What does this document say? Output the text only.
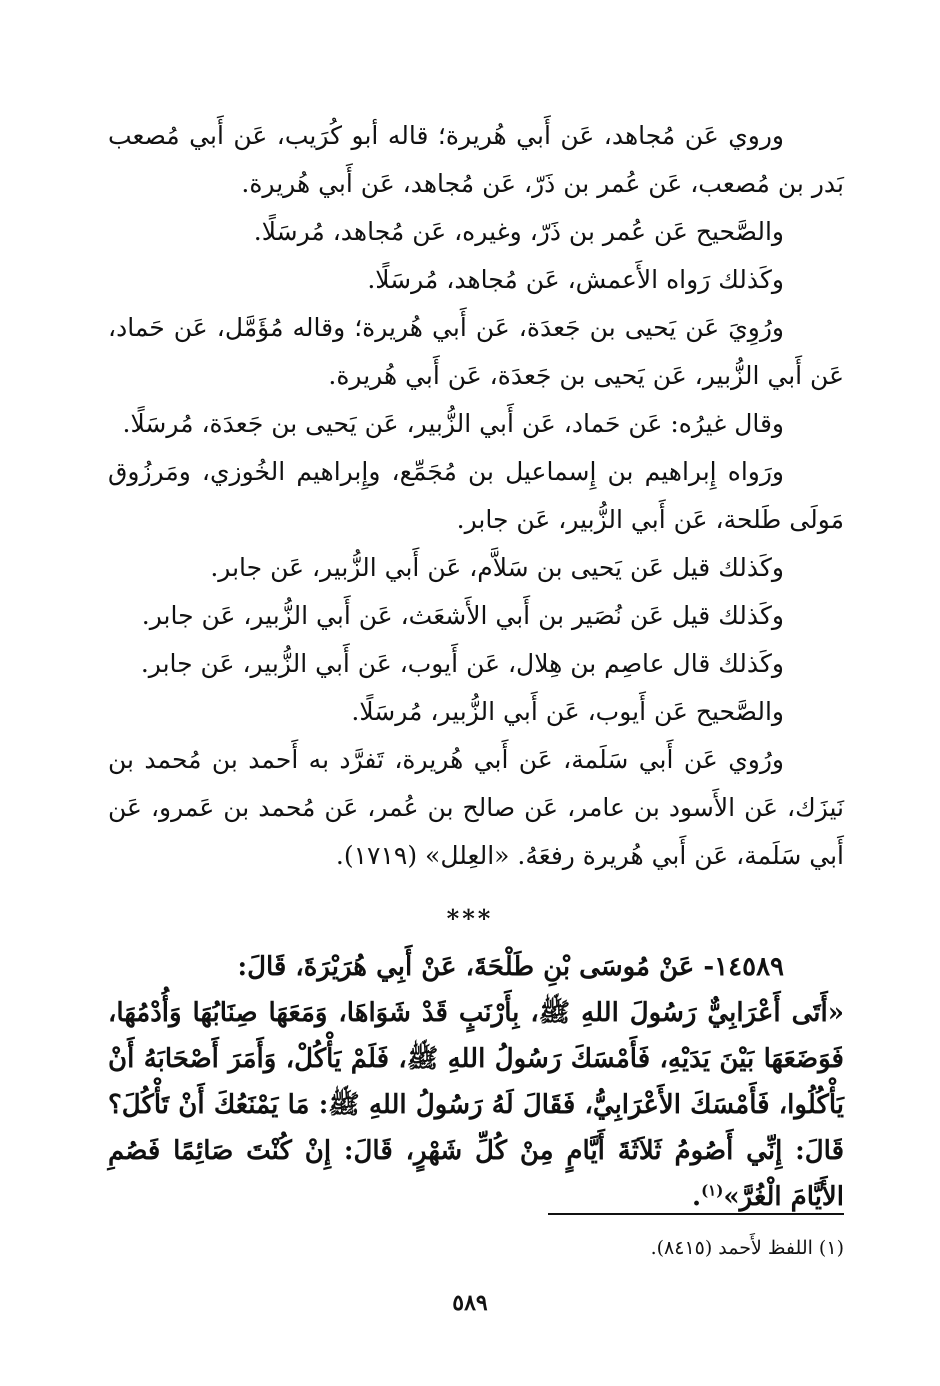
وروي عَن مُجاهد، عَن أَبي هُريرة؛ قاله أبو كُرَيب، عَن أَبي مُصعب بَدر بن مُصعب، عَن عُمر بن ذَرّ، عَن مُجاهد، عَن أَبي هُريرة.

والصَّحيح عَن عُمر بن ذَرّ، وغيره، عَن مُجاهد، مُرسَلًا.

وكَذلك رَواه الأَعمش، عَن مُجاهد، مُرسَلًا.

ورُوِيَ عَن يَحيى بن جَعدَة، عَن أَبي هُريرة؛ وقاله مُؤَمَّل، عَن حَماد، عَن أَبي الزُّبير، عَن يَحيى بن جَعدَة، عَن أَبي هُريرة.

وقال غيرُه: عَن حَماد، عَن أَبي الزُّبير، عَن يَحيى بن جَعدَة، مُرسَلًا.

ورَواه إِبراهيم بن إِسماعيل بن مُجَمِّع، وإِبراهيم الخُوزي، ومَرزُوق مَولَى طَلحة، عَن أَبي الزُّبير، عَن جابر.

وكَذلك قيل عَن يَحيى بن سَلاَّم، عَن أَبي الزُّبير، عَن جابر.

وكَذلك قيل عَن نُصَير بن أَبي الأَشعَث، عَن أَبي الزُّبير، عَن جابر.

وكَذلك قال عاصِم بن هِلال، عَن أَيوب، عَن أَبي الزُّبير، عَن جابر.

والصَّحيح عَن أَيوب، عَن أَبي الزُّبير، مُرسَلًا.

ورُوي عَن أَبي سَلَمة، عَن أَبي هُريرة، تَفرَّد به أَحمد بن مُحمد بن نَيزَك، عَن الأَسود بن عامر، عَن صالح بن عُمر، عَن مُحمد بن عَمرو، عَن أَبي سَلَمة، عَن أَبي هُريرة رفعَهُ. «العِلل» (١٧١٩).

***

١٤٥٨٩- عَنْ مُوسَى بْنِ طَلْحَةَ، عَنْ أَبِي هُرَيْرَةَ، قَالَ:

«أَتَى أَعْرَابِيٌّ رَسُولَ اللهِ ﷺ، بِأَرْنَبٍ قَدْ شَوَاهَا، وَمَعَهَا صِنَابُهَا وَأُدْمُهَا، فَوَضَعَهَا بَيْنَ يَدَيْهِ، فَأَمْسَكَ رَسُولُ اللهِ ﷺ، فَلَمْ يَأْكُلْ، وَأَمَرَ أَصْحَابَهُ أَنْ يَأْكُلُوا، فَأَمْسَكَ الأَعْرَابِيُّ، فَقَالَ لَهُ رَسُولُ اللهِ ﷺ: مَا يَمْنَعُكَ أَنْ تَأْكُلَ؟ قَالَ: إِنِّي أَصُومُ ثَلاَثَةَ أَيَّامٍ مِنْ كُلِّ شَهْرٍ، قَالَ: إِنْ كُنْتَ صَائِمًا فَصُمِ الأَيَّامَ الْغُرَّ»$^{(١)}$.

(١) اللفظ لأَحمد (٨٤١٥).
٥٨٩
